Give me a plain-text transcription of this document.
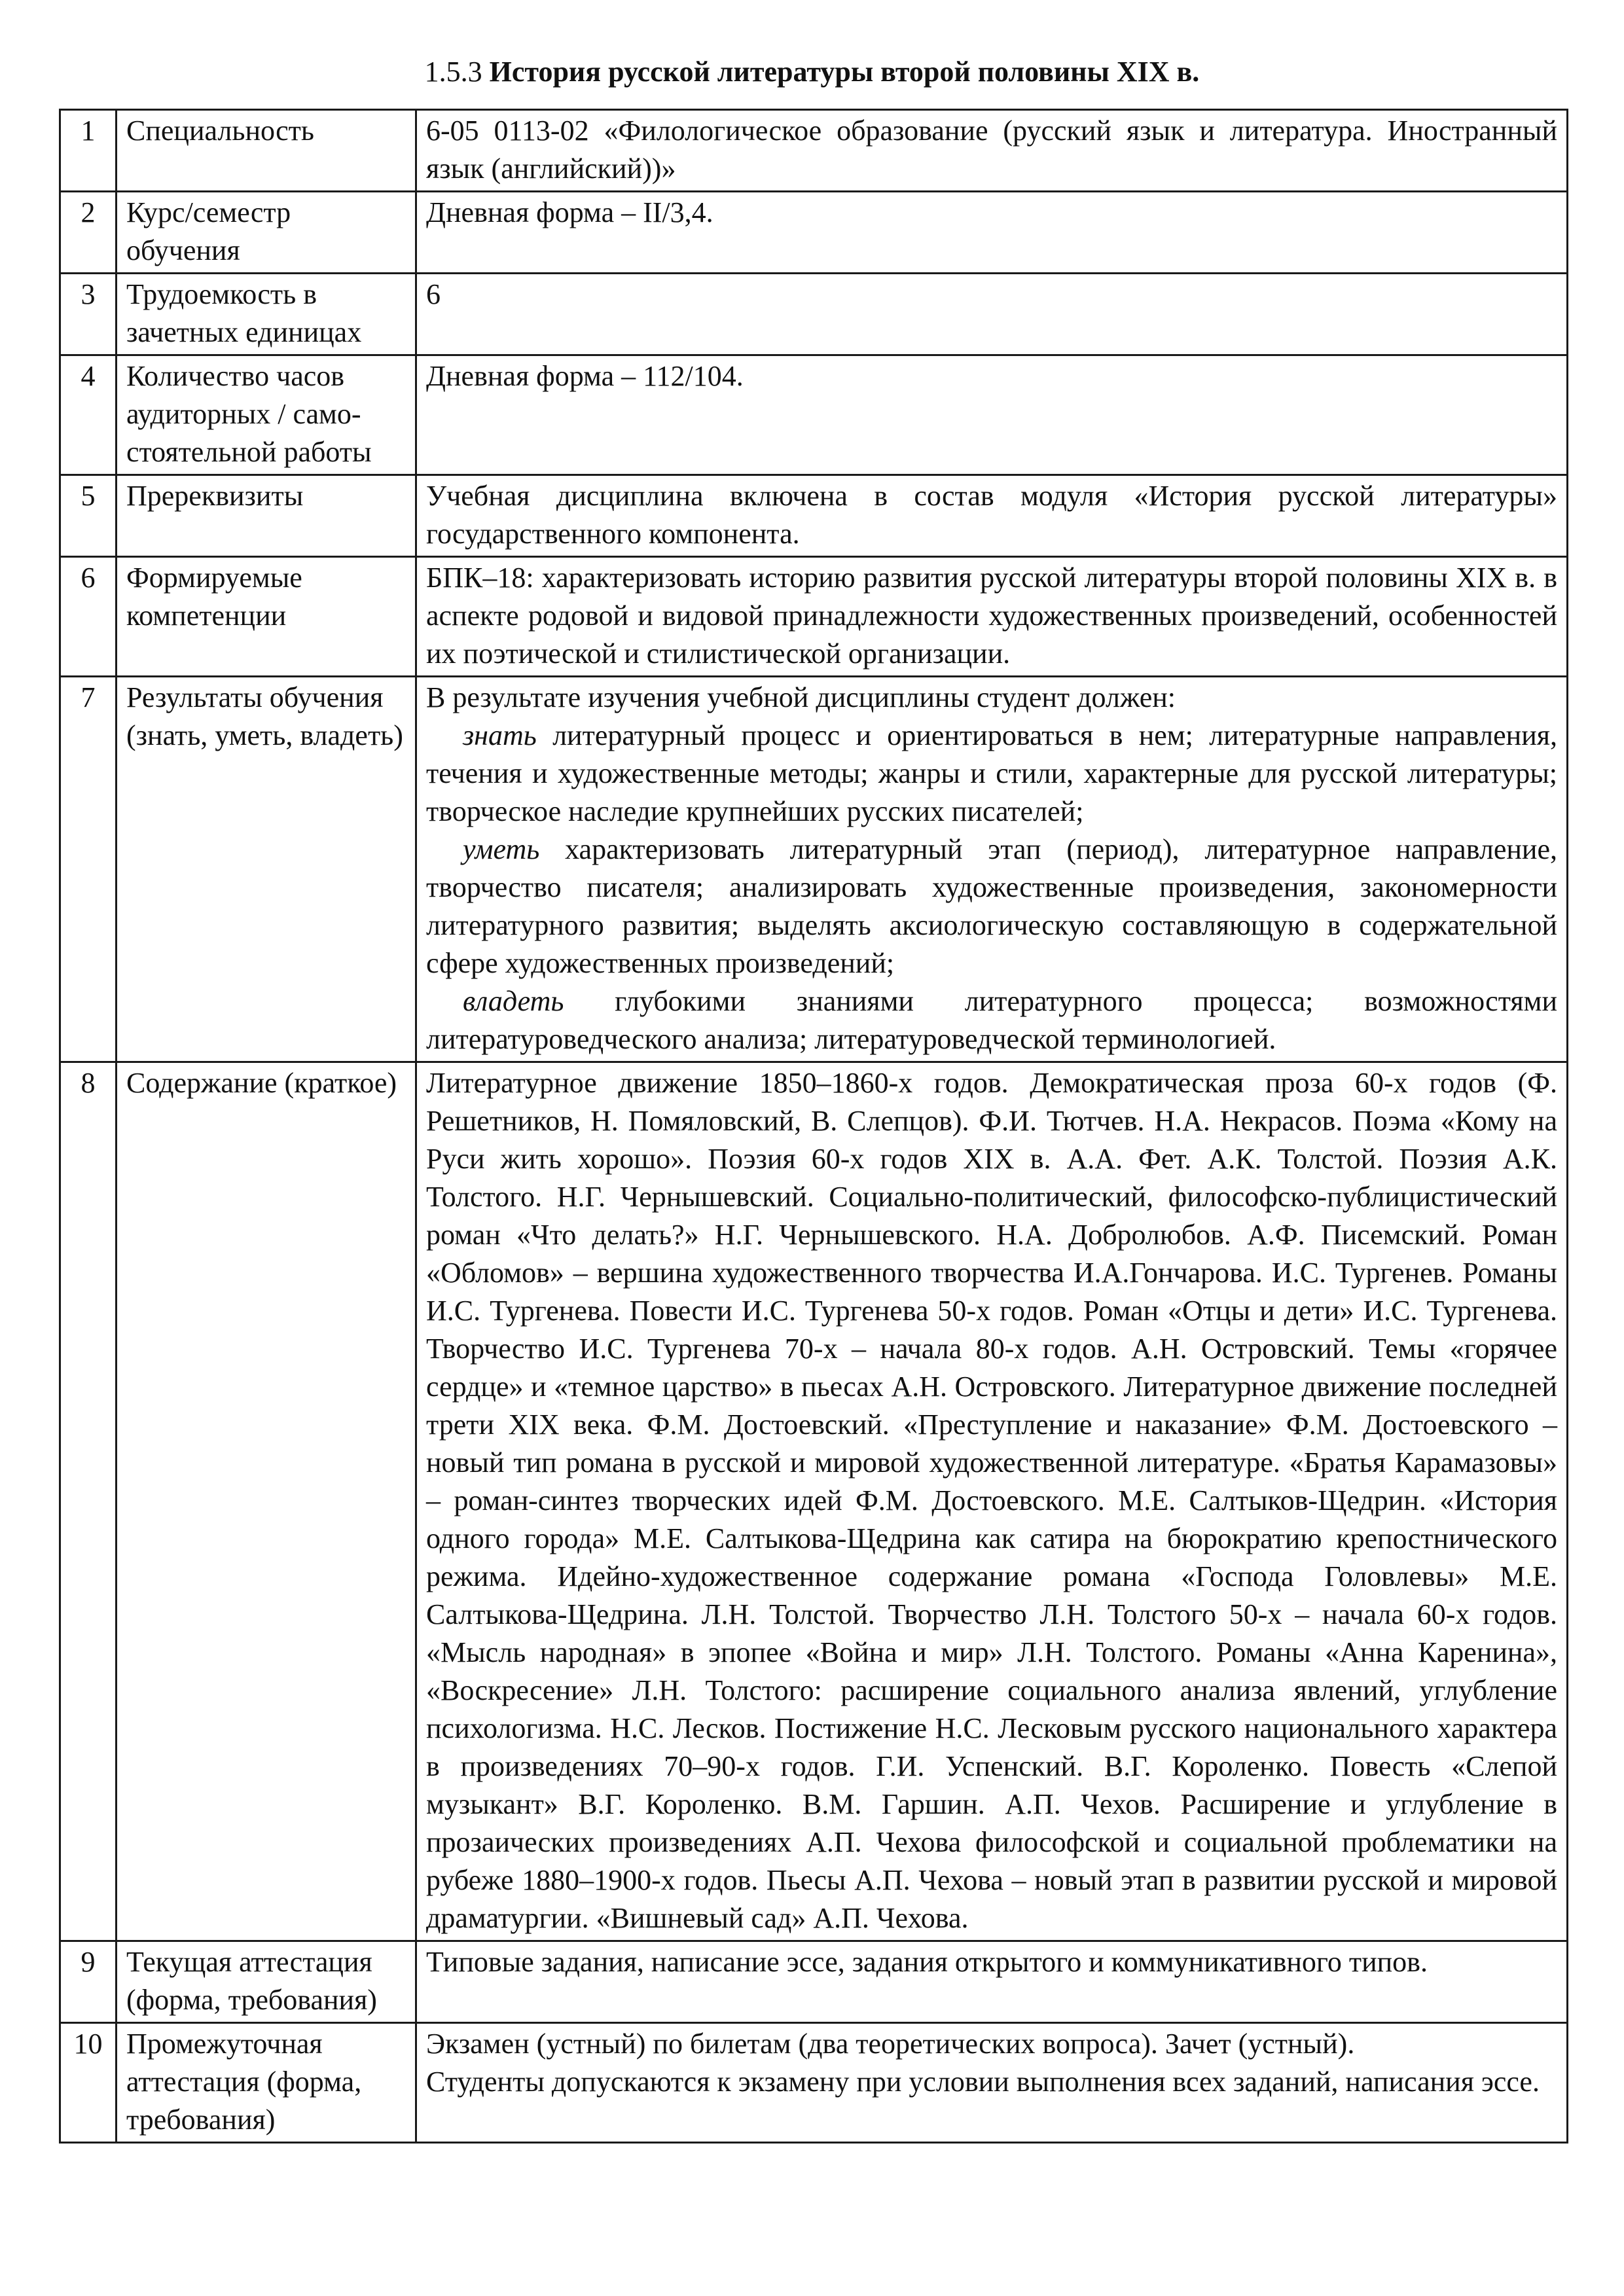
1.5.3 История русской литературы второй половины XIX в.
1	Специальность	6-05 0113-02 «Филологическое образование (русский язык и литература. Иностранный язык (английский))»
2	Курс/семестр обучения	Дневная форма – II/3,4.
3	Трудоемкость в зачетных единицах	6
4	Количество часов аудиторных / само-стоятельной работы	Дневная форма – 112/104.
5	Пререквизиты	Учебная дисциплина включена в состав модуля «История русской литературы» государственного компонента.
6	Формируемые компетенции	БПК–18: характеризовать историю развития русской литературы второй половины XIX в. в аспекте родовой и видовой принадлежности художественных произведений, особенностей их поэтической и стилистической организации.
7	Результаты обучения (знать, уметь, владеть)	В результате изучения учебной дисциплины студент должен:
знать литературный процесс и ориентироваться в нем; литературные направления, течения и художественные методы; жанры и стили, характерные для русской литературы; творческое наследие крупнейших русских писателей;
уметь характеризовать литературный этап (период), литературное направление, творчество писателя; анализировать художественные произведения, закономерности литературного развития; выделять аксиологическую составляющую в содержательной сфере художественных произведений;
владеть глубокими знаниями литературного процесса; возможностями литературоведческого анализа; литературоведческой терминологией.

8	Содержание (краткое)	Литературное движение 1850–1860-х годов. Демократическая проза 60-х годов (Ф. Решетников, Н. Помяловский, В. Слепцов). Ф.И. Тютчев. Н.А. Некрасов. Поэма «Кому на Руси жить хорошо». Поэзия 60-х годов XIX в. А.А. Фет. А.К. Толстой. Поэзия А.К. Толстого. Н.Г. Чернышевский. Социально-политический, философско-публицистический роман «Что делать?» Н.Г. Чернышевского. Н.А. Добролюбов. А.Ф. Писемский. Роман «Обломов» – вершина художественного творчества И.А.Гончарова. И.С. Тургенев. Романы И.С. Тургенева. Повести И.С. Тургенева 50-х годов. Роман «Отцы и дети» И.С. Тургенева. Творчество И.С. Тургенева 70-х – начала 80-х годов. А.Н. Островский. Темы «горячее сердце» и «темное царство» в пьесах А.Н. Островского. Литературное движение последней трети XIX века. Ф.М. Достоевский. «Преступление и наказание» Ф.М. Достоевского – новый тип романа в русской и мировой художественной литературе. «Братья Карамазовы» – роман-синтез творческих идей Ф.М. Достоевского. М.Е. Салтыков-Щедрин. «История одного города» М.Е. Салтыкова-Щедрина как сатира на бюрократию крепостнического режима. Идейно-художественное содержание романа «Господа Головлевы» М.Е. Салтыкова-Щедрина. Л.Н. Толстой. Творчество Л.Н. Толстого 50-х – начала 60-х годов. «Мысль народная» в эпопее «Война и мир» Л.Н. Толстого. Романы «Анна Каренина», «Воскресение» Л.Н. Толстого: расширение социального анализа явлений, углубление психологизма. Н.С. Лесков. Постижение Н.С. Лесковым русского национального характера в произведениях 70–90-х годов. Г.И. Успенский. В.Г. Короленко. Повесть «Слепой музыкант» В.Г. Короленко. В.М. Гаршин. А.П. Чехов. Расширение и углубление в прозаических произведениях А.П. Чехова философской и социальной проблематики на рубеже 1880–1900-х годов. Пьесы А.П. Чехова – новый этап в развитии русской и мировой драматургии. «Вишневый сад» А.П. Чехова.
9	Текущая аттестация (форма, требования)	Типовые задания, написание эссе, задания открытого и коммуникативного типов.
10	Промежуточная аттестация (форма, требования)	Экзамен (устный) по билетам (два теоретических вопроса). Зачет (устный).
Студенты допускаются к экзамену при условии выполнения всех заданий, написания эссе.
